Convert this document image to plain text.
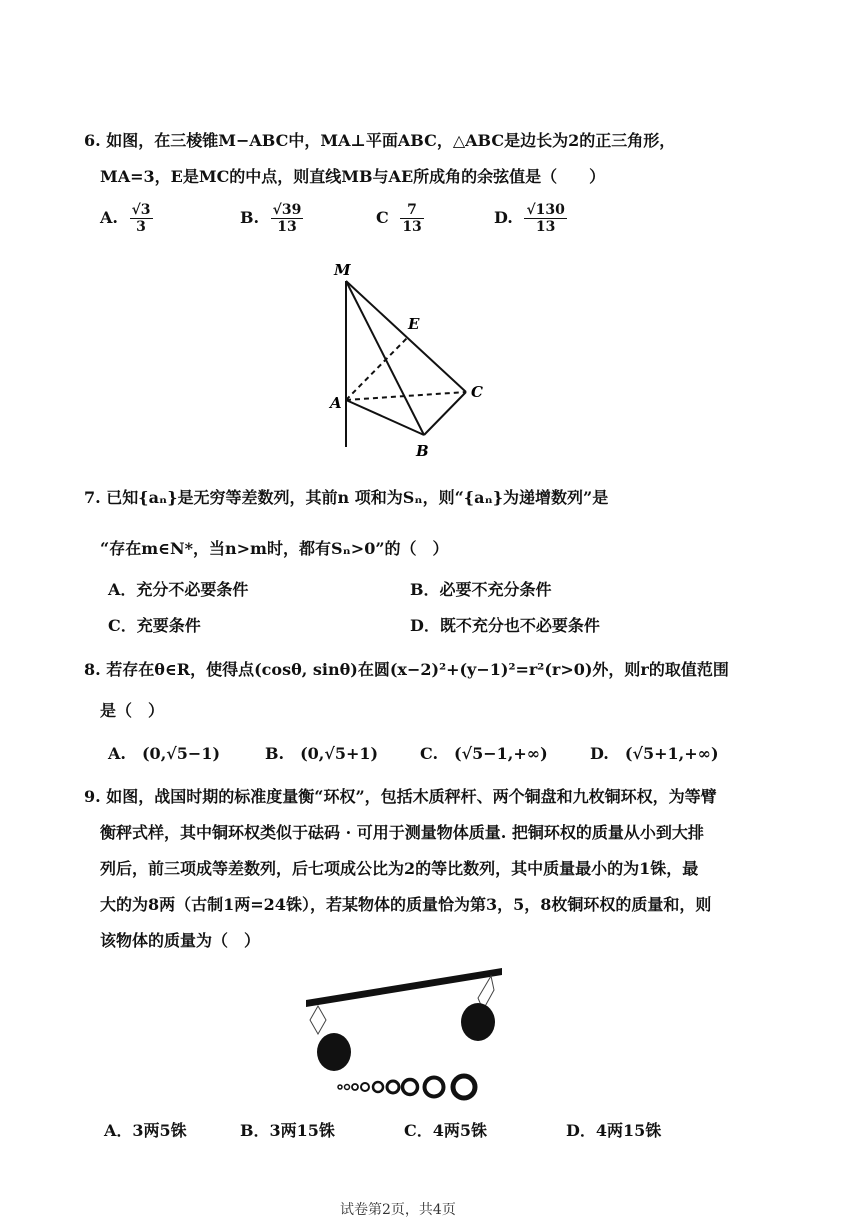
6. 如图，在三棱锥M−ABC中，MA⊥平面ABC，△ABC是边长为2的正三角形，
MA=3，E是MC的中点，则直线MB与AE所成角的余弦值是（　　）
A. $\frac{√3}{3}$	B. $\frac{√39}{13}$	C $\frac{7}{13}$	D. $\frac{√130}{13}$
M
E
A
C
B
7. 已知{aₙ}是无穷等差数列，其前n 项和为Sₙ，则“{aₙ}为递增数列”是
“存在m∈N*，当n>m时，都有Sₙ>0”的（　）
A．充分不必要条件	B．必要不充分条件
C．充要条件	D．既不充分也不必要条件
8. 若存在θ∈R，使得点(cosθ, sinθ)在圆(x−2)²+(y−1)²=r²(r>0)外，则r的取值范围
是（　）
A.　(0,√5−1)	B.　(0,√5+1)	C.　(√5−1,+∞)	D.　(√5+1,+∞)
9. 如图，战国时期的标准度量衡“环权”，包括木质秤杆、两个铜盘和九枚铜环权，为等臂
衡秤式样，其中铜环权类似于砝码 · 可用于测量物体质量. 把铜环权的质量从小到大排
列后，前三项成等差数列，后七项成公比为2的等比数列，其中质量最小的为1铢，最
大的为8两（古制1两=24铢），若某物体的质量恰为第3，5，8枚铜环权的质量和，则
该物体的质量为（　）
A．3两5铢	B．3两15铢	C．4两5铢	D．4两15铢
试卷第2页，共4页
